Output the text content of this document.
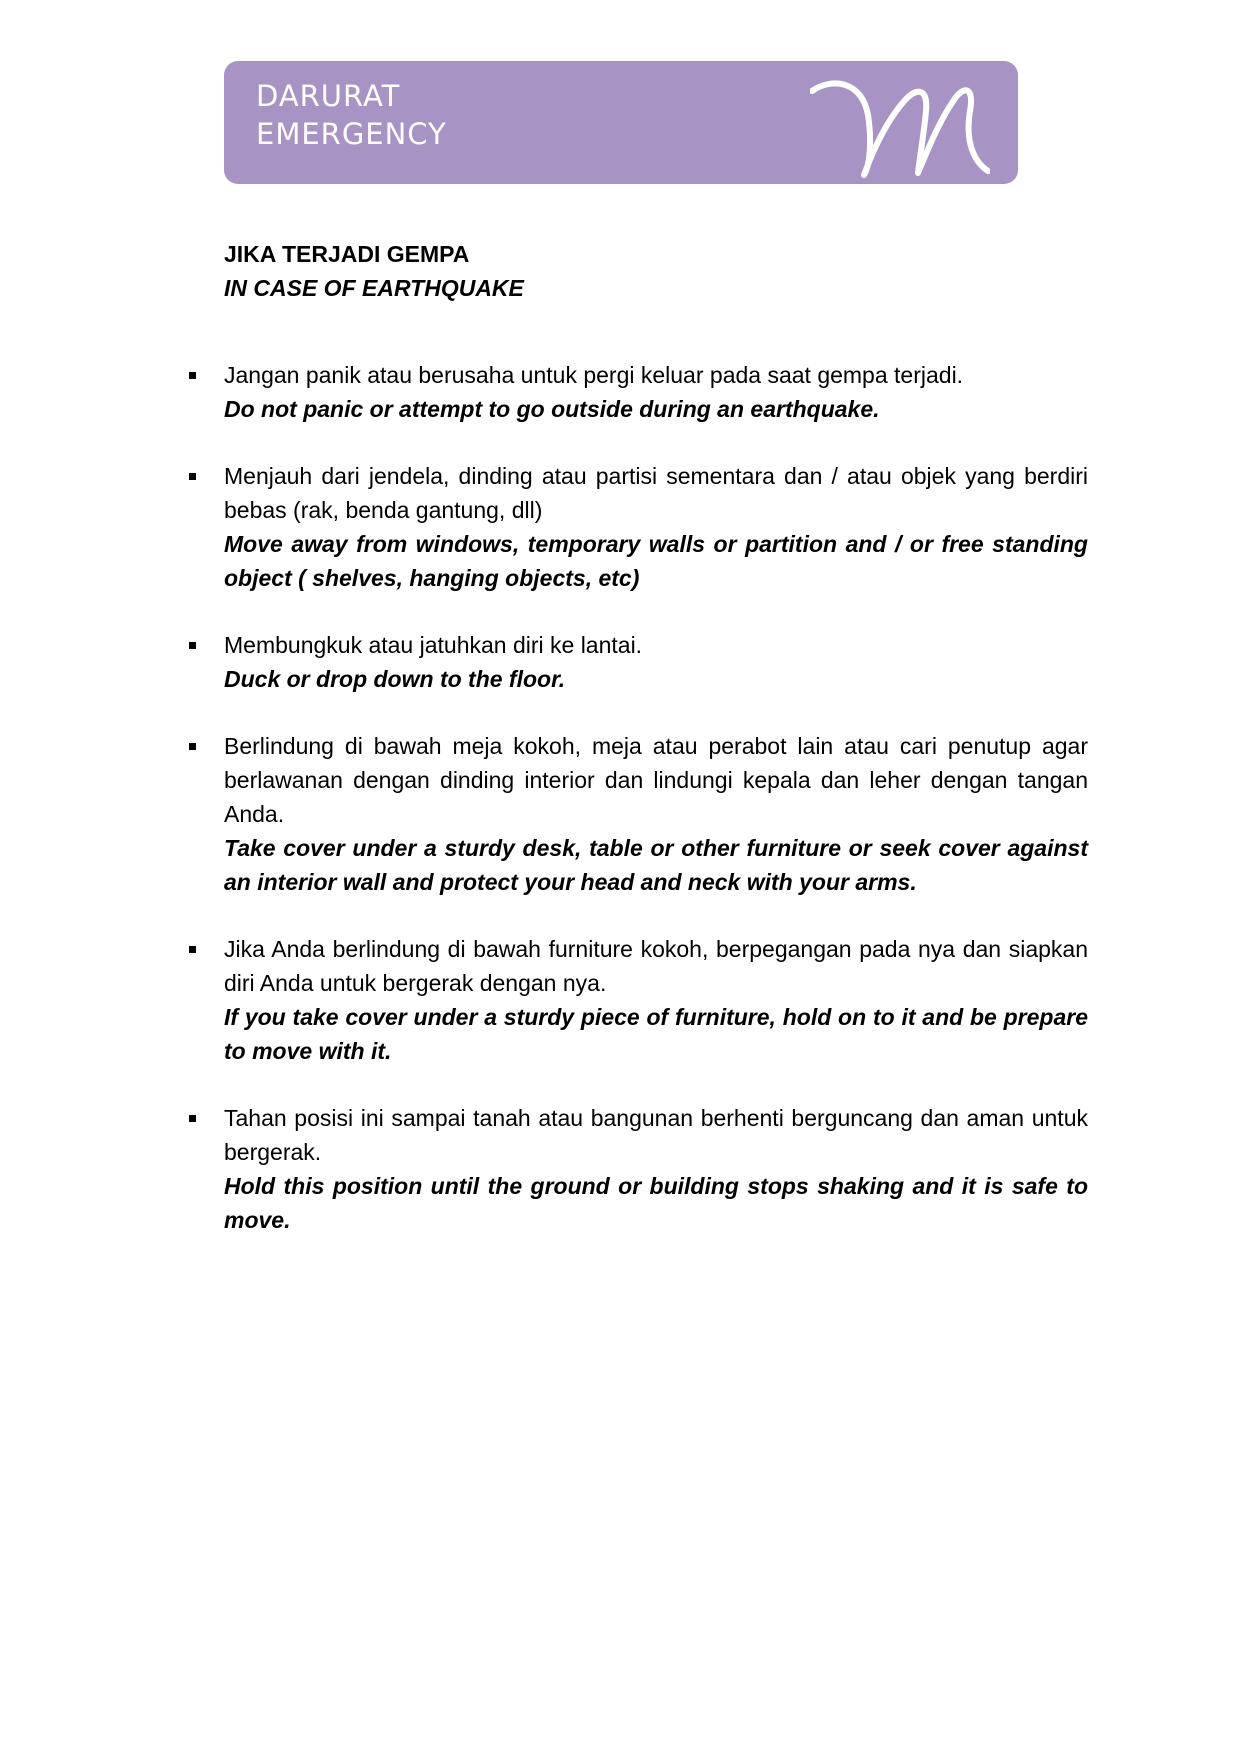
DARURAT
EMERGENCY
JIKA TERJADI GEMPA
IN CASE OF EARTHQUAKE
Jangan panik atau berusaha untuk pergi keluar pada saat gempa terjadi.
Do not panic or attempt to go outside during an earthquake.
Menjauh dari jendela, dinding atau partisi sementara dan / atau objek yang berdiri bebas (rak, benda gantung, dll)
Move away from windows, temporary walls or partition and / or free standing object ( shelves, hanging objects, etc)
Membungkuk atau jatuhkan diri ke lantai.
Duck or drop down to the floor.
Berlindung di bawah meja kokoh, meja atau perabot lain atau cari penutup agar berlawanan dengan dinding interior dan lindungi kepala dan leher dengan tangan Anda.
Take cover under a sturdy desk, table or other furniture or seek cover against an interior wall and protect your head and neck with your arms.
Jika Anda berlindung di bawah furniture kokoh, berpegangan pada nya dan siapkan diri Anda untuk bergerak dengan nya.
If you take cover under a sturdy piece of furniture, hold on to it and be prepare to move with it.
Tahan posisi ini sampai tanah atau bangunan berhenti berguncang dan aman untuk bergerak.
Hold this position until the ground or building stops shaking and it is safe to move.
